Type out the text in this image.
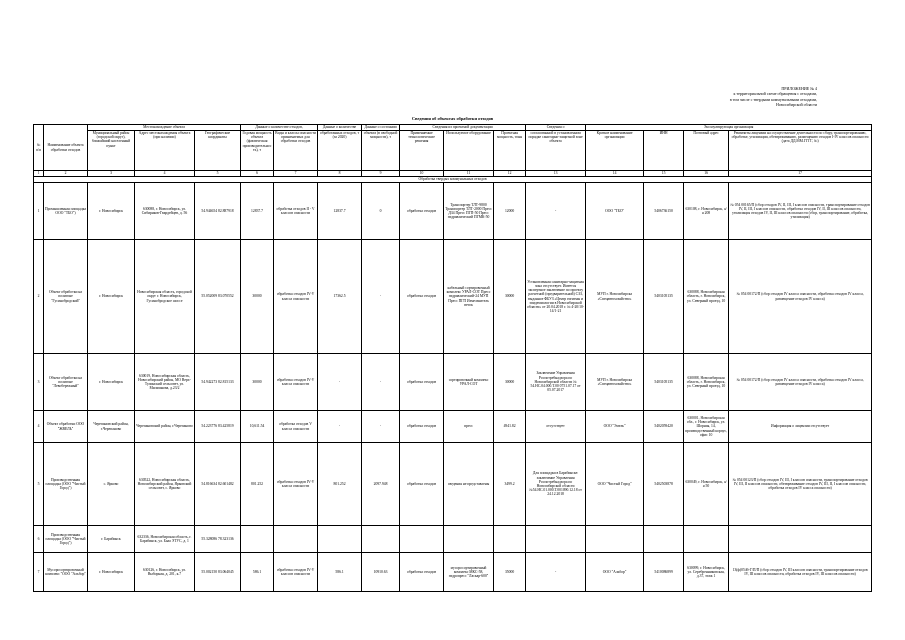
ПРИЛОЖЕНИЕ № 4
к территориальной схеме обращения с отходами,
в том числе с твердыми коммунальными отходами,
Новосибирской области
Сведения об объектах обработки отходов
№ п/п	Наименование объекта обработки отходов	Местонахождение объекта			Данные о количестве отходов,		Данные о количестве	Данные о состоянии	Сведения из проектной документации			Сведения о	Эксплуатирующая организация			
		Муниципальный район (городской округ), ближайший населенный пункт	Адрес местонахождения объекта (при наличии)	Географические координаты	Годовая мощность объекта (фактическая производительность), т	Виды и классы опасности принимаемых для обработки отходов	обработанных отходов, т (за 2020)	объекта (в свободной мощности), т	Применяемые технологические решения	Используемое оборудование	Проектная мощность, тонн	согласованной в установленном порядке санитарно-защитной зоне объекта	Краткое наименование организации	ИНН	Почтовый адрес	Реквизиты лицензии на осуществление деятельности по сбору, транспортированию, обработке, утилизации, обезвреживанию, размещению отходов I-IV классов опасности (дата ДД.ММ.ГГГГ, №)
1	2	3	4	5	6	7	8	9	10	11	12	13	14	15	16	17
Обработка твердых коммунальных отходов																
1	Промышленная площадка ООО "ТБО")	г. Новосибирск	630088, г. Новосибирск, ул. Сибиряков-Гвардейцев, д. 56	54.944654 82.887918	12837.7	обработка отходов II - V классов опасности	12837.7	0	обработка отходов	Транспортер ТЛТ-9800 Транспортер ТЛТ-2000 Пресс ДЗ4 Пресс ПГП-50 Пресс гидравлический ПГМК-50	12000	-	ООО "ТБО"	5406736150	630108, г. Новосибирск, а/я 208	№ 054 00165/П (сбор отходов IV, II, III, I классов опасности, транспортирование отходов IV, II, III, I классов опасности, обработка отходов IV, II, III классов опасности, утилизация отходов IV, II, III классов опасности (сбор, транспортирование, обработка, утилизация)
2	Объект обработки на полигоне "Гусинобродский"	г. Новосибирск	Новосибирская область, городской округ г. Новосибирск, Гусинобродское шоссе	55.052009 83.070552	30000	обработка отходов IV-V класса опасности	17362.5	-	обработка отходов	кабельный сортировочный комплекс УРАЛ-СОТ Пресс гидравлический-24 МУП Пресс ПГП Измельчитель веток	30000	Установленная санитарно-защитная зона отсутствует. Имеется экспертное заключение по проекту расчетной (предварительной) СЗЗ, выданное ФБУЗ «Центр гигиены и эпидемиологии в Новосибирской области» от 20.04.2018 г. № 4-20/10-14/1-21	МУП г. Новосибирска «Спецавтохозяйство»	5403105135	630088, Новосибирская область, г. Новосибирск, ул. Северный проезд, 10	№ 054 00172/П (сбор отходов IV класса опасности, обработка отходов IV класса, размещение отходов IV класса)
3	Объект обработки на полигоне "Левобережный"	г. Новосибирск	630019, Новосибирская область, Новосибирский район, МО Верх-Тулинский сельсовет, ул. Мильчакова, д.23/2	54.942273 82.815133	30000	обработка отходов IV-V класса опасности	-	-	обработка отходов	сортировочный комплекс УРАЛ-СОТ	30000	Заключение Управления Роспотребнадзора по Новосибирской области № 54.НС.04.000.Т.00 0751.07.17 от 05.07.2017	МУП г. Новосибирска «Спецавтохозяйство»	5403105135	630088, Новосибирская область, г. Новосибирск, ул. Северный проезд, 10	№ 054 00172/П (сбор отходов IV класса опасности, обработка отходов IV класса, размещение отходов IV класса)
4	Объект обработки ООО "ЖВЕЛЬ"	Черепановский район, г.Черепаново	Черепановский район, г.Черепаново	54.223776 83.425819	10,611.54	обработка отходов V класса опасности	-	-	обработка отходов	пресс	4941.82	отсутствует	ООО "Эмель"	5402059420	630001, Новосибирская обл., г. Новосибирск, ул. Шорная, 14, производственный корпус, офис 10	Информация о лицензии отсутствует
5	Производственная площадка (ООО "Чистый Город")	с. Ярково	630522, Новосибирская область, Новосибирский район, Ярковский сельсовет, с. Ярково	54.816634 82.601482	801.252	обработка отходов IV-V класса опасности	801.252	2097.948	обработка отходов	сведения не представлены	3499.2	Для площадки в Барабинске: заключение Управления Роспотребнадзора по Новосибирской области №54.НС.01.000.Т.001090.12.18 от 24.12.2018	ООО "Чистый Город"	5402503878	630049, г. Новосибирск, а/я 50	№ 054 00123/П (сбор отходов IV, III, I классов опасности, транспортирование отходов IV, III, II классов опасности, обезвреживание отходов IV, III, II, I классов опасности, обработка отходов IV класса опасности)
6	Производственная площадка (ООО "Чистый Город")	г. Барабинск	632336, Новосибирская область, г. Барабинск, ул. Бааа ЭТУС, д. 1	55.328086 78.323136												
7	Мусоросортировочный комплекс "ООО "Альбор"	г. Новосибирск	630126, г. Новосибирск, ул. Выборная, д. 201, к.7	55.002150 83.064045	586.1	обработка отходов IV-V классов опасности	586.1	10910.63	обработка отходов	мусоросортировочный комплекс МКС-58, гидропресс "Ласкар-600"	35000	-	ООО "Альбор"	5410086899	630099, г. Новосибирск, ул. Серебренниковская, д.37, этаж 1	13(ф)054б-Г/П/П (сбор отходов IV, III классов опасности, транспортирование отходов IV, III классов опасности, обработка отходов IV, III классов опасности)
